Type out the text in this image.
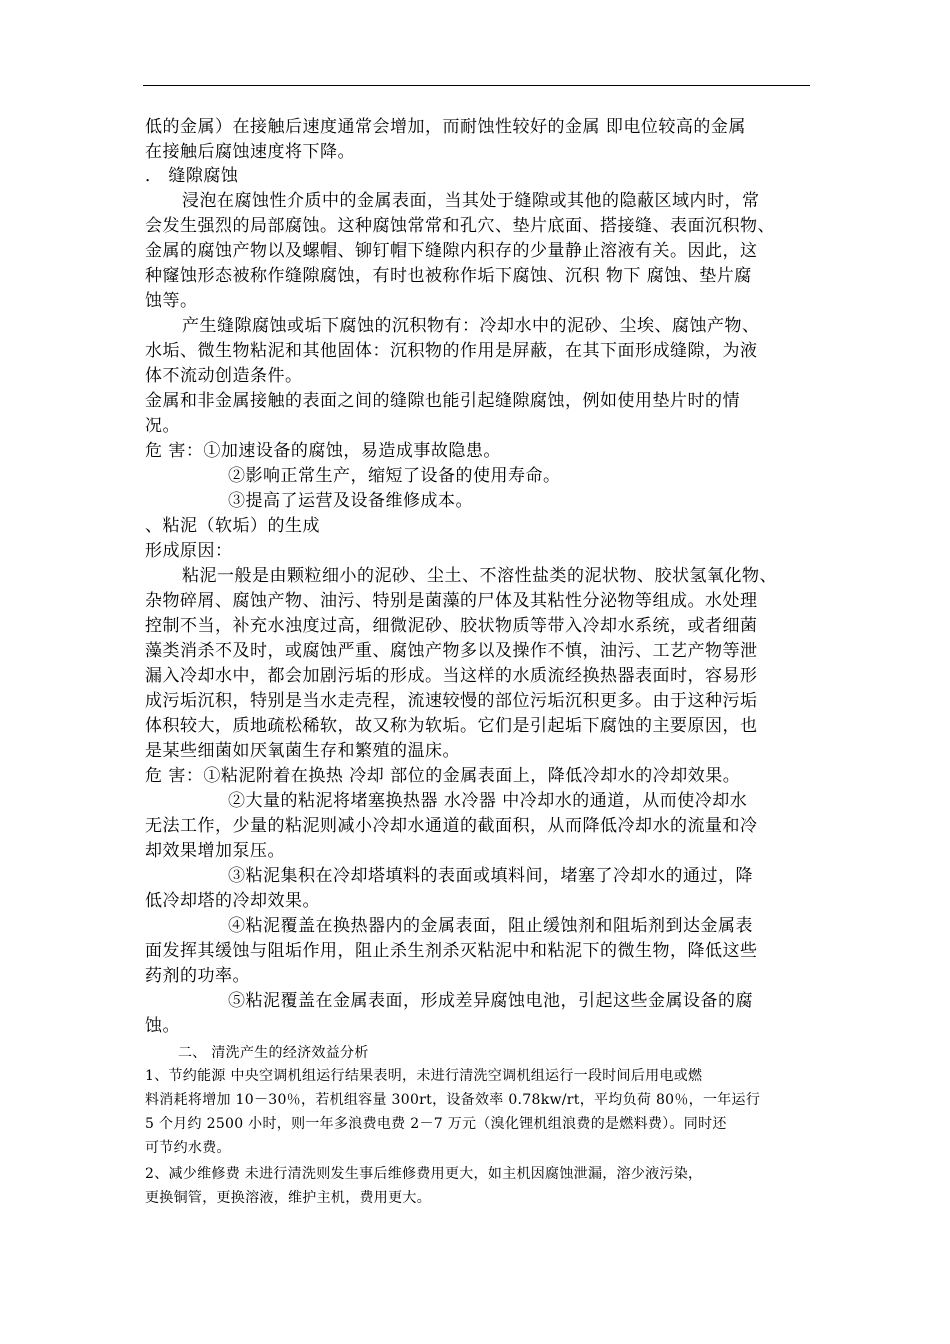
低的金属）在接触后速度通常会增加，而耐蚀性较好的金属 即电位较高的金属
在接触后腐蚀速度将下降。
． 缝隙腐蚀
浸泡在腐蚀性介质中的金属表面，当其处于缝隙或其他的隐蔽区域内时，常
会发生强烈的局部腐蚀。这种腐蚀常常和孔穴、垫片底面、搭接缝、表面沉积物、
金属的腐蚀产物以及螺帽、铆钉帽下缝隙内积存的少量静止溶液有关。因此，这
种窿蚀形态被称作缝隙腐蚀，有时也被称作垢下腐蚀、沉积 物下 腐蚀、垫片腐
蚀等。
产生缝隙腐蚀或垢下腐蚀的沉积物有：冷却水中的泥砂、尘埃、腐蚀产物、
水垢、微生物粘泥和其他固体：沉积物的作用是屏蔽，在其下面形成缝隙，为液
体不流动创造条件。
金属和非金属接触的表面之间的缝隙也能引起缝隙腐蚀，例如使用垫片时的情
况。
危 害：①加速设备的腐蚀，易造成事故隐患。
②影响正常生产，缩短了设备的使用寿命。
③提高了运营及设备维修成本。
、粘泥（软垢）的生成
形成原因：
粘泥一般是由颗粒细小的泥砂、尘土、不溶性盐类的泥状物、胶状氢氧化物、
杂物碎屑、腐蚀产物、油污、特别是菌藻的尸体及其粘性分泌物等组成。水处理
控制不当，补充水浊度过高，细微泥砂、胶状物质等带入冷却水系统，或者细菌
藻类消杀不及时，或腐蚀严重、腐蚀产物多以及操作不慎，油污、工艺产物等泄
漏入冷却水中，都会加剧污垢的形成。当这样的水质流经换热器表面时，容易形
成污垢沉积，特别是当水走壳程，流速较慢的部位污垢沉积更多。由于这种污垢
体积较大，质地疏松稀软，故又称为软垢。它们是引起垢下腐蚀的主要原因，也
是某些细菌如厌氧菌生存和繁殖的温床。
危 害：①粘泥附着在换热 冷却 部位的金属表面上，降低冷却水的冷却效果。
②大量的粘泥将堵塞换热器 水冷器 中冷却水的通道，从而使冷却水
无法工作，少量的粘泥则减小冷却水通道的截面积，从而降低冷却水的流量和冷
却效果增加泵压。
③粘泥集积在冷却塔填料的表面或填料间，堵塞了冷却水的通过，降
低冷却塔的冷却效果。
④粘泥覆盖在换热器内的金属表面，阻止缓蚀剂和阻垢剂到达金属表
面发挥其缓蚀与阻垢作用，阻止杀生剂杀灭粘泥中和粘泥下的微生物，降低这些
药剂的功率。
⑤粘泥覆盖在金属表面，形成差异腐蚀电池，引起这些金属设备的腐
蚀。
二、 清洗产生的经济效益分析
1、节约能源 中央空调机组运行结果表明，未进行清洗空调机组运行一段时间后用电或燃
料消耗将增加 10－30％，若机组容量 300rt，设备效率 0.78kw/rt，平均负荷 80％，一年运行
5 个月约 2500 小时，则一年多浪费电费 2－7 万元（溴化锂机组浪费的是燃料费）。同时还
可节约水费。
2、减少维修费 未进行清洗则发生事后维修费用更大，如主机因腐蚀泄漏，溶少液污染，
更换铜管，更换溶液，维护主机，费用更大。
